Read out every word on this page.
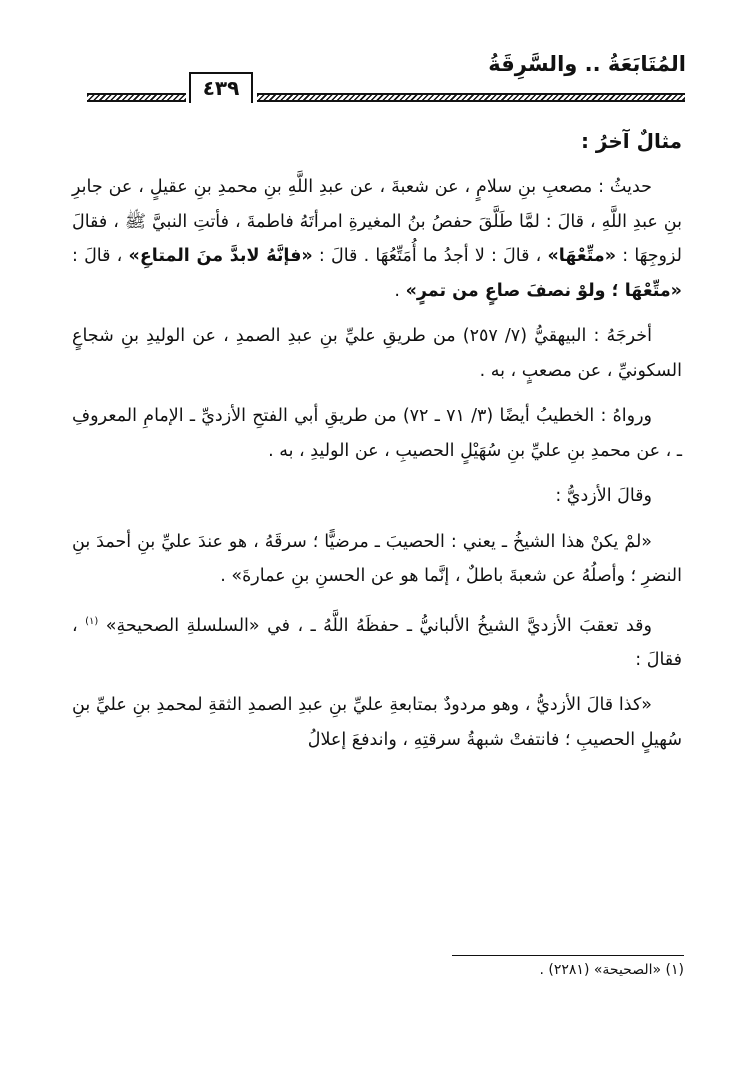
المُتَابَعَةُ .. والسَّرِقَةُ
٤٣٩
مثالٌ آخرُ :

حديثُ : مصعبِ بنِ سلامٍ ، عن شعبةَ ، عن عبدِ اللَّهِ بنِ محمدِ بنِ عقيلٍ ، عن جابرِ بنِ عبدِ اللَّهِ ، قالَ : لمَّا طَلَّقَ حفصُ بنُ المغيرةِ امرأتَهُ فاطمةَ ، فأتتِ النبيَّ ﷺ ، فقالَ لزوجِهَا : «متِّعْهَا» ، قالَ : لا أجدُ ما أُمَتِّعُهَا . قالَ : «فإنَّهُ لابدَّ منَ المتاعِ» ، قالَ : «متِّعْهَا ؛ ولوْ نصفَ صاعٍ من تمرٍ» .

أخرجَهُ : البيهقيُّ (٧/ ٢٥٧) من طريقِ عليِّ بنِ عبدِ الصمدِ ، عن الوليدِ بنِ شجاعٍ السكونيِّ ، عن مصعبٍ ، به .

ورواهُ : الخطيبُ أيضًا (٣/ ٧١ ـ ٧٢) من طريقِ أبي الفتحِ الأزديِّ ـ الإمامِ المعروفِ ـ ، عن محمدِ بنِ عليِّ بنِ سُهَيْلٍ الحصيبِ ، عن الوليدِ ، به .

وقالَ الأزديُّ :

«لمْ يكنْ هذا الشيخُ ـ يعني : الحصيبَ ـ مرضيًّا ؛ سرقَهُ ، هو عندَ عليِّ بنِ أحمدَ بنِ النضرِ ؛ وأصلُهُ عن شعبةَ باطلٌ ، إنَّما هو عن الحسنِ بنِ عمارةَ» .

وقد تعقبَ الأزديَّ الشيخُ الألبانيُّ ـ حفظَهُ اللَّهُ ـ ، في «السلسلةِ الصحيحةِ» $^{(١)}$ ، فقالَ :

«كذا قالَ الأزديُّ ، وهو مردودٌ بمتابعةِ عليِّ بنِ عبدِ الصمدِ الثقةِ لمحمدِ بنِ عليِّ بنِ سُهيلٍ الحصيبِ ؛ فانتفتْ شبهةُ سرقتِهِ ، واندفعَ إعلالُ

(١) «الصحيحة» (٢٢٨١) .
